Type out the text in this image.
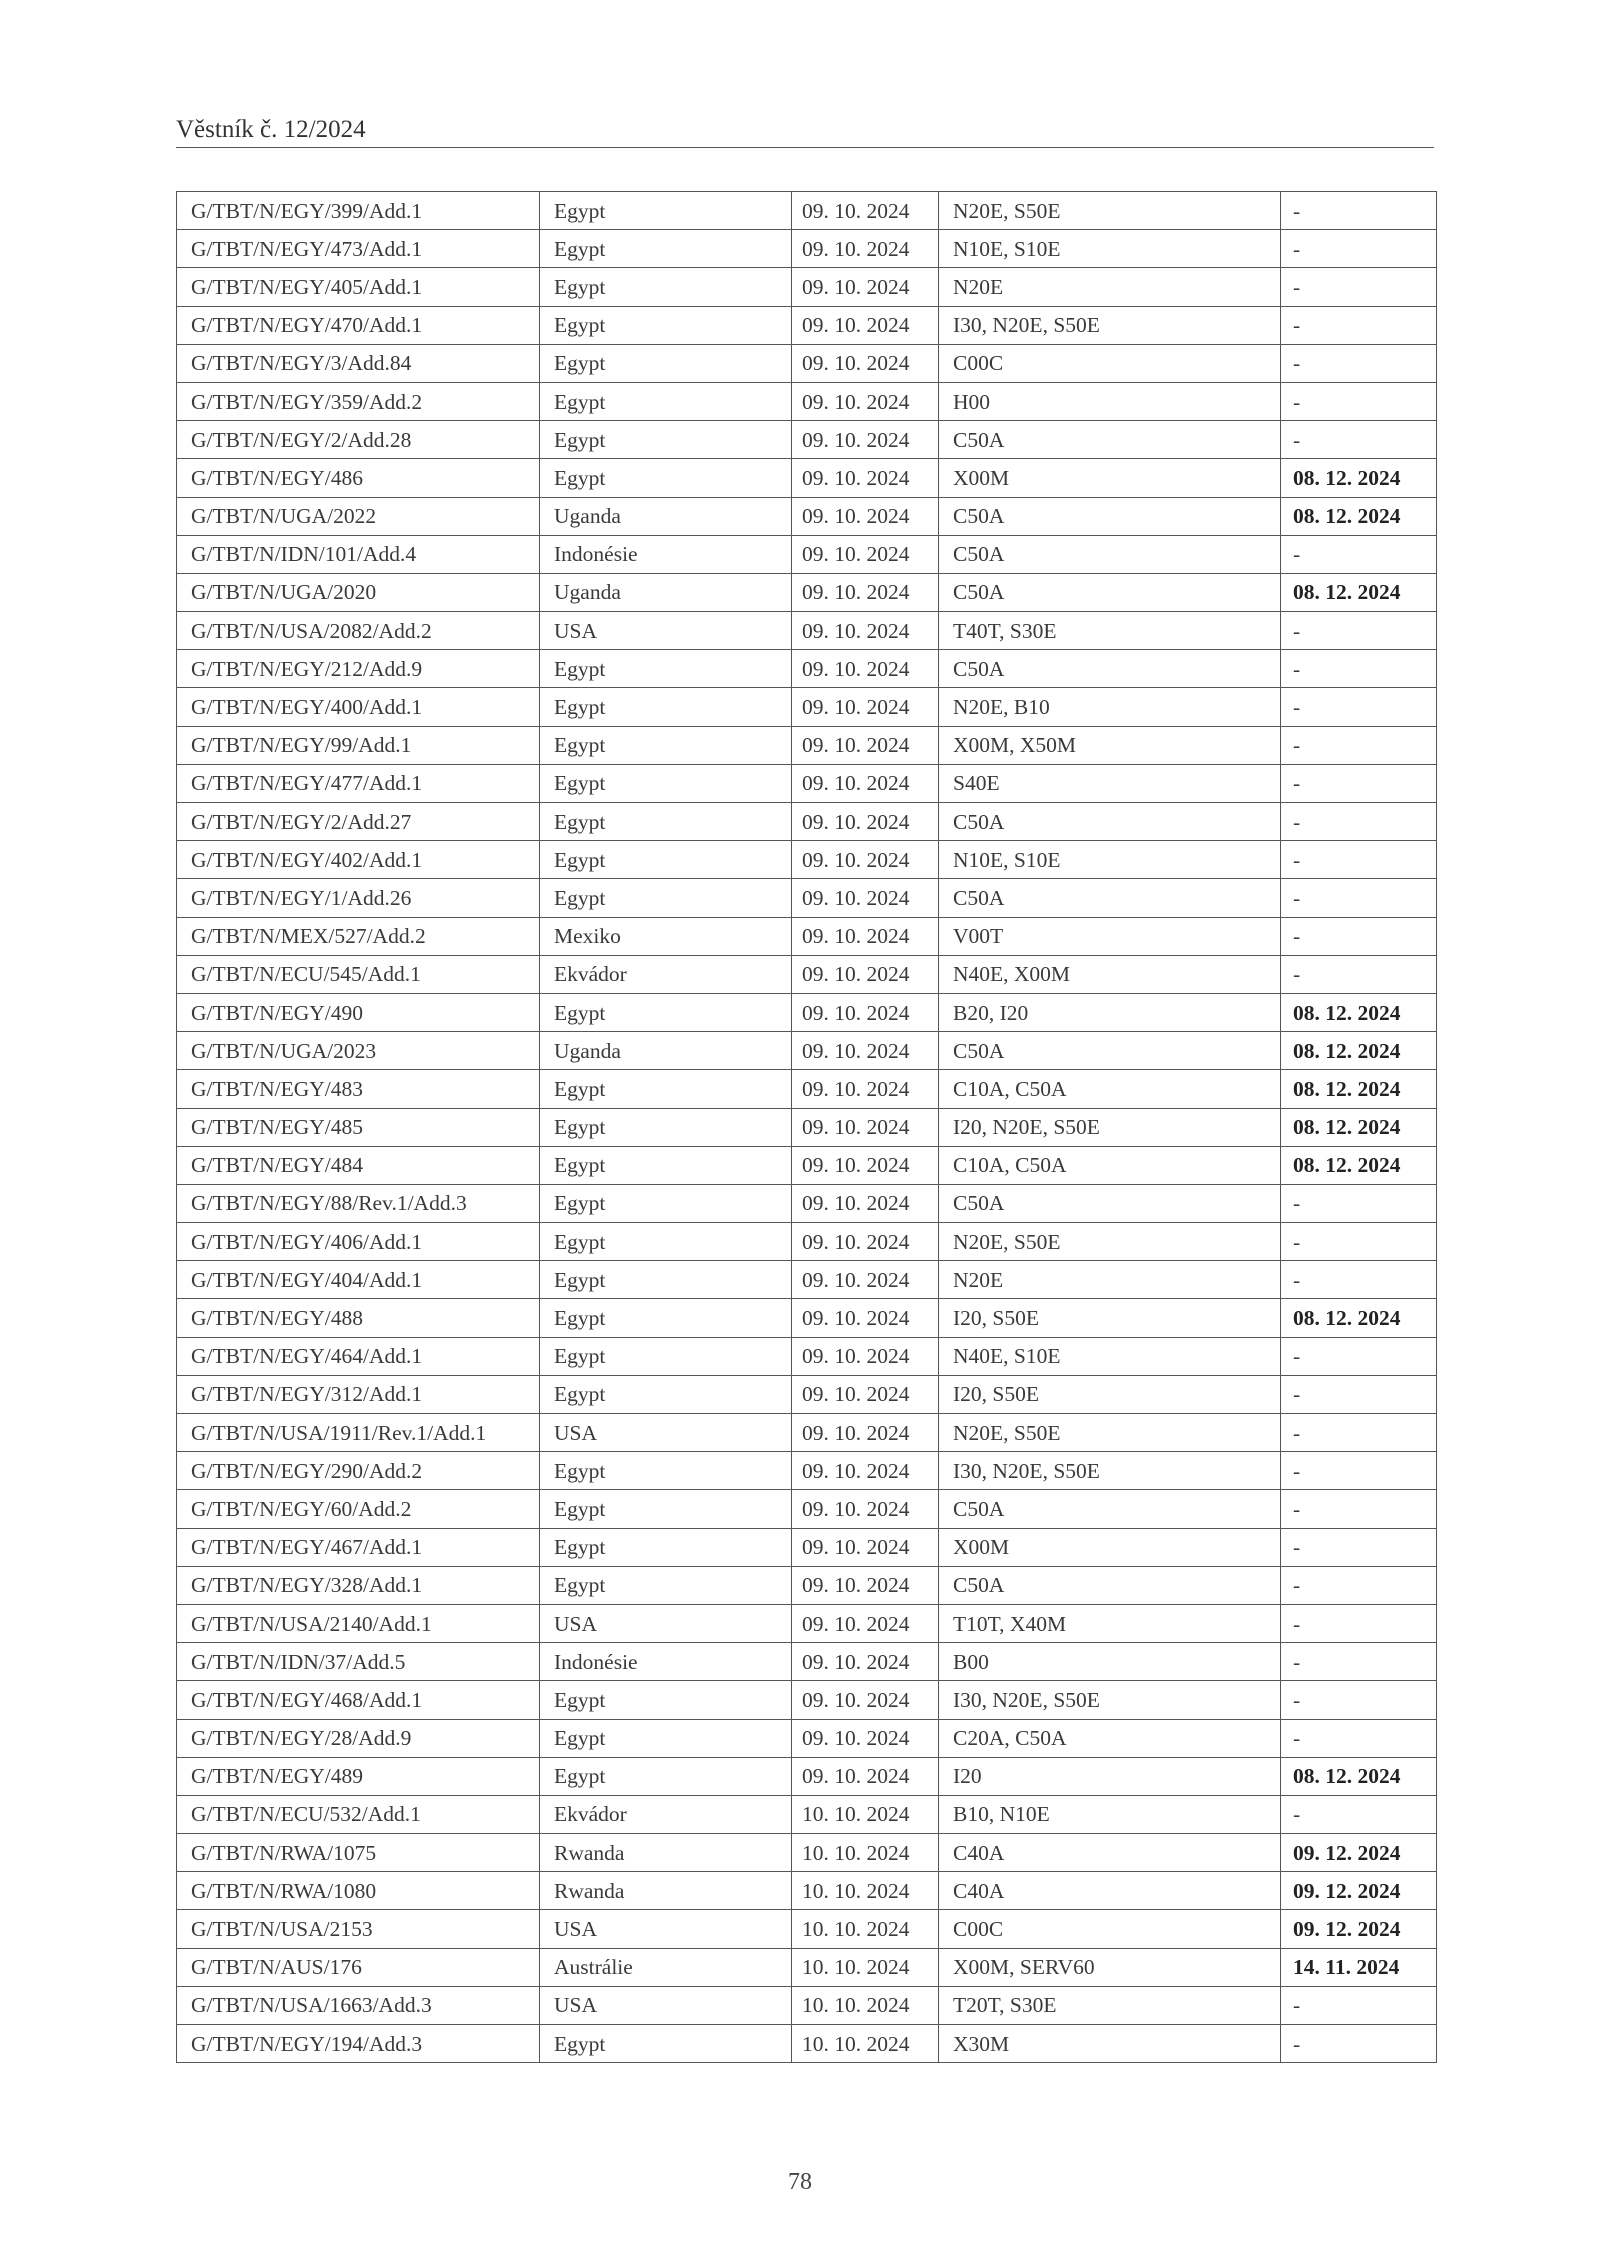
Věstník č. 12/2024
G/TBT/N/EGY/399/Add.1	Egypt	09. 10. 2024	N20E, S50E	-
G/TBT/N/EGY/473/Add.1	Egypt	09. 10. 2024	N10E, S10E	-
G/TBT/N/EGY/405/Add.1	Egypt	09. 10. 2024	N20E	-
G/TBT/N/EGY/470/Add.1	Egypt	09. 10. 2024	I30, N20E, S50E	-
G/TBT/N/EGY/3/Add.84	Egypt	09. 10. 2024	C00C	-
G/TBT/N/EGY/359/Add.2	Egypt	09. 10. 2024	H00	-
G/TBT/N/EGY/2/Add.28	Egypt	09. 10. 2024	C50A	-
G/TBT/N/EGY/486	Egypt	09. 10. 2024	X00M	08. 12. 2024
G/TBT/N/UGA/2022	Uganda	09. 10. 2024	C50A	08. 12. 2024
G/TBT/N/IDN/101/Add.4	Indonésie	09. 10. 2024	C50A	-
G/TBT/N/UGA/2020	Uganda	09. 10. 2024	C50A	08. 12. 2024
G/TBT/N/USA/2082/Add.2	USA	09. 10. 2024	T40T, S30E	-
G/TBT/N/EGY/212/Add.9	Egypt	09. 10. 2024	C50A	-
G/TBT/N/EGY/400/Add.1	Egypt	09. 10. 2024	N20E, B10	-
G/TBT/N/EGY/99/Add.1	Egypt	09. 10. 2024	X00M, X50M	-
G/TBT/N/EGY/477/Add.1	Egypt	09. 10. 2024	S40E	-
G/TBT/N/EGY/2/Add.27	Egypt	09. 10. 2024	C50A	-
G/TBT/N/EGY/402/Add.1	Egypt	09. 10. 2024	N10E, S10E	-
G/TBT/N/EGY/1/Add.26	Egypt	09. 10. 2024	C50A	-
G/TBT/N/MEX/527/Add.2	Mexiko	09. 10. 2024	V00T	-
G/TBT/N/ECU/545/Add.1	Ekvádor	09. 10. 2024	N40E, X00M	-
G/TBT/N/EGY/490	Egypt	09. 10. 2024	B20, I20	08. 12. 2024
G/TBT/N/UGA/2023	Uganda	09. 10. 2024	C50A	08. 12. 2024
G/TBT/N/EGY/483	Egypt	09. 10. 2024	C10A, C50A	08. 12. 2024
G/TBT/N/EGY/485	Egypt	09. 10. 2024	I20, N20E, S50E	08. 12. 2024
G/TBT/N/EGY/484	Egypt	09. 10. 2024	C10A, C50A	08. 12. 2024
G/TBT/N/EGY/88/Rev.1/Add.3	Egypt	09. 10. 2024	C50A	-
G/TBT/N/EGY/406/Add.1	Egypt	09. 10. 2024	N20E, S50E	-
G/TBT/N/EGY/404/Add.1	Egypt	09. 10. 2024	N20E	-
G/TBT/N/EGY/488	Egypt	09. 10. 2024	I20, S50E	08. 12. 2024
G/TBT/N/EGY/464/Add.1	Egypt	09. 10. 2024	N40E, S10E	-
G/TBT/N/EGY/312/Add.1	Egypt	09. 10. 2024	I20, S50E	-
G/TBT/N/USA/1911/Rev.1/Add.1	USA	09. 10. 2024	N20E, S50E	-
G/TBT/N/EGY/290/Add.2	Egypt	09. 10. 2024	I30, N20E, S50E	-
G/TBT/N/EGY/60/Add.2	Egypt	09. 10. 2024	C50A	-
G/TBT/N/EGY/467/Add.1	Egypt	09. 10. 2024	X00M	-
G/TBT/N/EGY/328/Add.1	Egypt	09. 10. 2024	C50A	-
G/TBT/N/USA/2140/Add.1	USA	09. 10. 2024	T10T, X40M	-
G/TBT/N/IDN/37/Add.5	Indonésie	09. 10. 2024	B00	-
G/TBT/N/EGY/468/Add.1	Egypt	09. 10. 2024	I30, N20E, S50E	-
G/TBT/N/EGY/28/Add.9	Egypt	09. 10. 2024	C20A, C50A	-
G/TBT/N/EGY/489	Egypt	09. 10. 2024	I20	08. 12. 2024
G/TBT/N/ECU/532/Add.1	Ekvádor	10. 10. 2024	B10, N10E	-
G/TBT/N/RWA/1075	Rwanda	10. 10. 2024	C40A	09. 12. 2024
G/TBT/N/RWA/1080	Rwanda	10. 10. 2024	C40A	09. 12. 2024
G/TBT/N/USA/2153	USA	10. 10. 2024	C00C	09. 12. 2024
G/TBT/N/AUS/176	Austrálie	10. 10. 2024	X00M, SERV60	14. 11. 2024
G/TBT/N/USA/1663/Add.3	USA	10. 10. 2024	T20T, S30E	-
G/TBT/N/EGY/194/Add.3	Egypt	10. 10. 2024	X30M	-
78
